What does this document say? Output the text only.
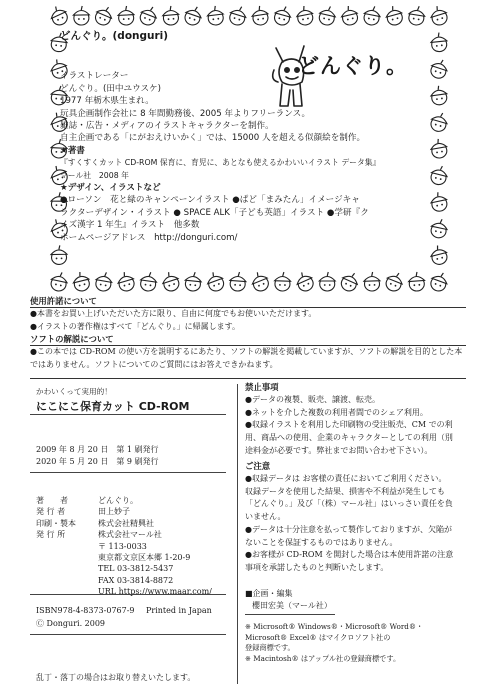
どんぐり。
どんぐり。(donguri)
イラストレーター
どんぐり。(田中ユウスケ)
1977 年栃木県生まれ。
玩具企画制作会社に 8 年間勤務後、2005 年よりフリーランス。
雑誌・広告・メディアのイラストキャラクターを制作。
自主企画である「にがおえけいかく」では、15000 人を超える似顔絵を制作。
★著書
『すくすくカット CD-ROM 保育に、育児に、あとなも使えるかわいいイラスト データ集』
マール社　2008 年
★デザイン、イラストなど
●ローソン　花と緑のキャンペーンイラスト ●ぱど「まみたん」イメージキャ
ラクターデザイン・イラスト ● SPACE ALK「子ども英語」イラスト ●学研『ク
イズ漢字 1 年生』イラスト　他多数
ホームページアドレス　http://donguri.com/
使用許諾について
●本書をお買い上げいただいた方に限り、自由に何度でもお使いいただけます。
●イラストの著作権はすべて「どんぐり。」に帰属します。
ソフトの解説について
●この本では CD-ROM の使い方を説明するにあたり、ソフトの解説を掲載していますが、ソフトの解説を目的とした本ではありません。ソフトについてのご質問にはお答えできかねます。
かわいくって実用的！
にこにこ保育カット CD-ROM
2009 年 8 月 20 日　第 1 刷発行
2020 年 5 月 20 日　第 9 刷発行
著　　者	どんぐり。
発 行 者	田上妙子
印刷・製本	株式会社精興社
発 行 所	株式会社マール社
〒 113-0033
東京都文京区本郷 1-20-9
TEL 03-3812-5437
FAX 03-3814-8872
URL https://www.maar.com/
ISBN978-4-8373-0767-9 Printed in Japan
Ⓒ Donguri. 2009
乱丁・落丁の場合はお取り替えいたします。
禁止事項
●データの複製、販売、譲渡、転売。
●ネットを介した複数の利用者間でのシェア利用。
●収録イラストを利用した印刷物の受注販売、CM での利
用、商品への使用、企業のキャラクターとしての利用（別
途料金が必要です。弊社までお問い合わせ下さい）。
ご注意
●収録データは お客様の責任においてご利用ください。
収録データを使用した結果、損害や不利益が発生しても
「どんぐり。」及び「（株）マール社」はいっさい責任を負
いません。
●データは十分注意を払って製作しておりますが、欠陥が
ないことを保証するものではありません。
●お客様が CD-ROM を開封した場合は本使用許諾の注意
事項を承諾したものと判断いたします。
■企画・編集
櫻田宏美（マール社）
※ Microsoft® Windows®・Microsoft® Word®・
Microsoft® Excel® はマイクロソフト社の
登録商標です。
※ Macintosh® はアップル社の登録商標です。
